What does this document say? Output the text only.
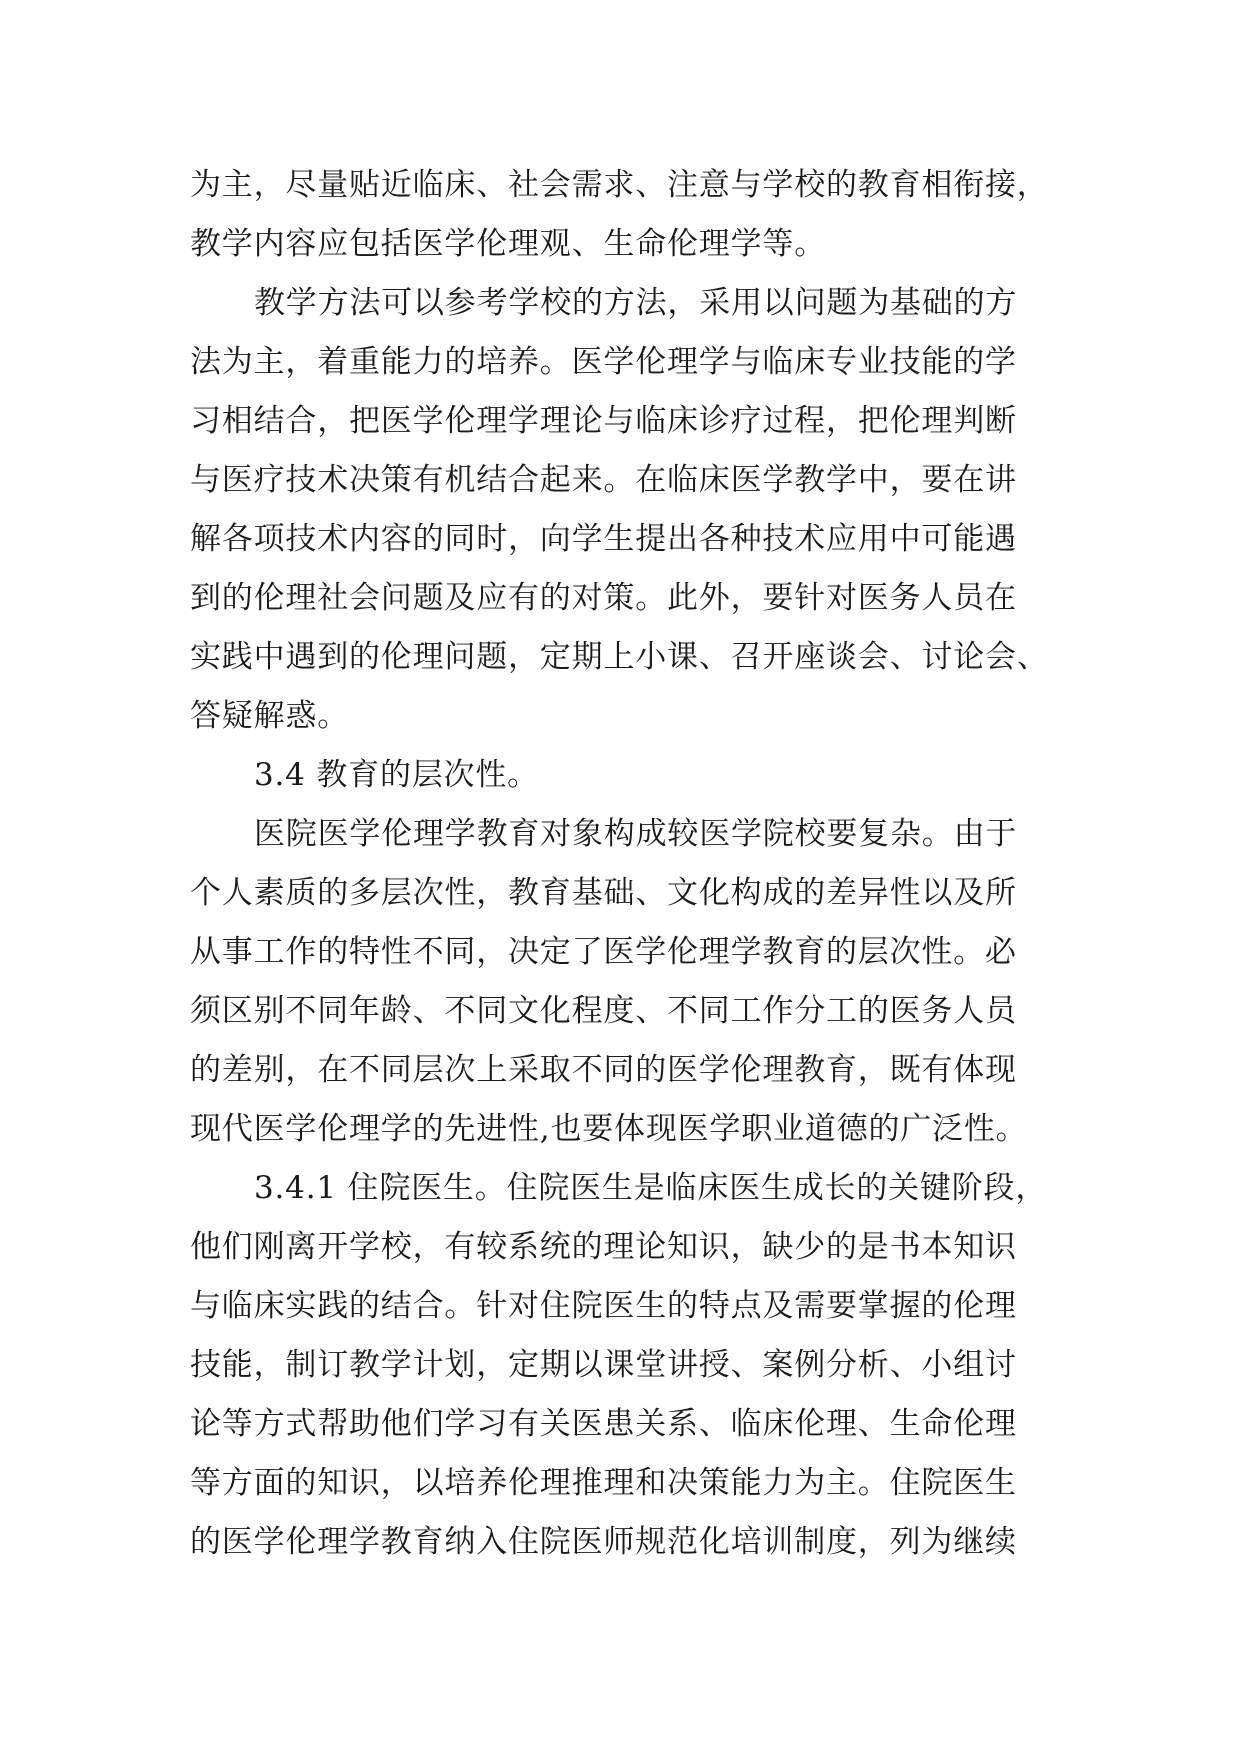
为主，尽量贴近临床、社会需求、注意与学校的教育相衔接，

教学内容应包括医学伦理观、生命伦理学等。

教学方法可以参考学校的方法，采用以问题为基础的方

法为主，着重能力的培养。医学伦理学与临床专业技能的学

习相结合，把医学伦理学理论与临床诊疗过程，把伦理判断

与医疗技术决策有机结合起来。在临床医学教学中，要在讲

解各项技术内容的同时，向学生提出各种技术应用中可能遇

到的伦理社会问题及应有的对策。此外，要针对医务人员在

实践中遇到的伦理问题，定期上小课、召开座谈会、讨论会、

答疑解惑。

3.4 教育的层次性。

医院医学伦理学教育对象构成较医学院校要复杂。由于

个人素质的多层次性，教育基础、文化构成的差异性以及所

从事工作的特性不同，决定了医学伦理学教育的层次性。必

须区别不同年龄、不同文化程度、不同工作分工的医务人员

的差别，在不同层次上采取不同的医学伦理教育，既有体现

现代医学伦理学的先进性,也要体现医学职业道德的广泛性。

3.4.1 住院医生。住院医生是临床医生成长的关键阶段，

他们刚离开学校，有较系统的理论知识，缺少的是书本知识

与临床实践的结合。针对住院医生的特点及需要掌握的伦理

技能，制订教学计划，定期以课堂讲授、案例分析、小组讨

论等方式帮助他们学习有关医患关系、临床伦理、生命伦理

等方面的知识，以培养伦理推理和决策能力为主。住院医生

的医学伦理学教育纳入住院医师规范化培训制度，列为继续
